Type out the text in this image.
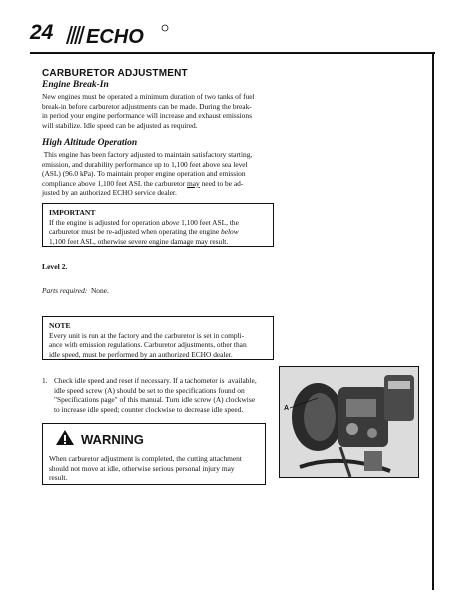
24 ECHO
CARBURETOR ADJUSTMENT
Engine Break-In
New engines must be operated a minimum duration of two tanks of fuel
break-in before carburetor adjustments can be made. During the break-
in period your engine performance will increase and exhaust emissions
will stabilize. Idle speed can be adjusted as required.
High Altitude Operation
This engine has been factory adjusted to maintain satisfactory starting,
emission, and durability performance up to 1,100 feet above sea level
(ASL) (96.0 kPa). To maintain proper engine operation and emission
compliance above 1,100 feet ASL the carburetor may need to be ad-
justed by an authorized ECHO service dealer.
IMPORTANT
If the engine is adjusted for operation above 1,100 feet ASL, the
carburetor must be re-adjusted when operating the engine below
1,100 feet ASL, otherwise severe engine damage may result.
Level 2.
Parts required: None.
NOTE
Every unit is run at the factory and the carburetor is set in compli-
ance with emission regulations. Carburetor adjustments, other than
idle speed, must be performed by an authorized ECHO dealer.
1. Check idle speed and reset if necessary. If a tachometer is  available,
idle speed screw (A) should be set to the specifications found on
"Specifications page" of this manual. Turn idle screw (A) clockwise
to increase idle speed; counter clockwise to decrease idle speed.
WARNING
When carburetor adjustment is completed, the cutting attachment
should not move at idle, otherwise serious personal injury may
result.
A
